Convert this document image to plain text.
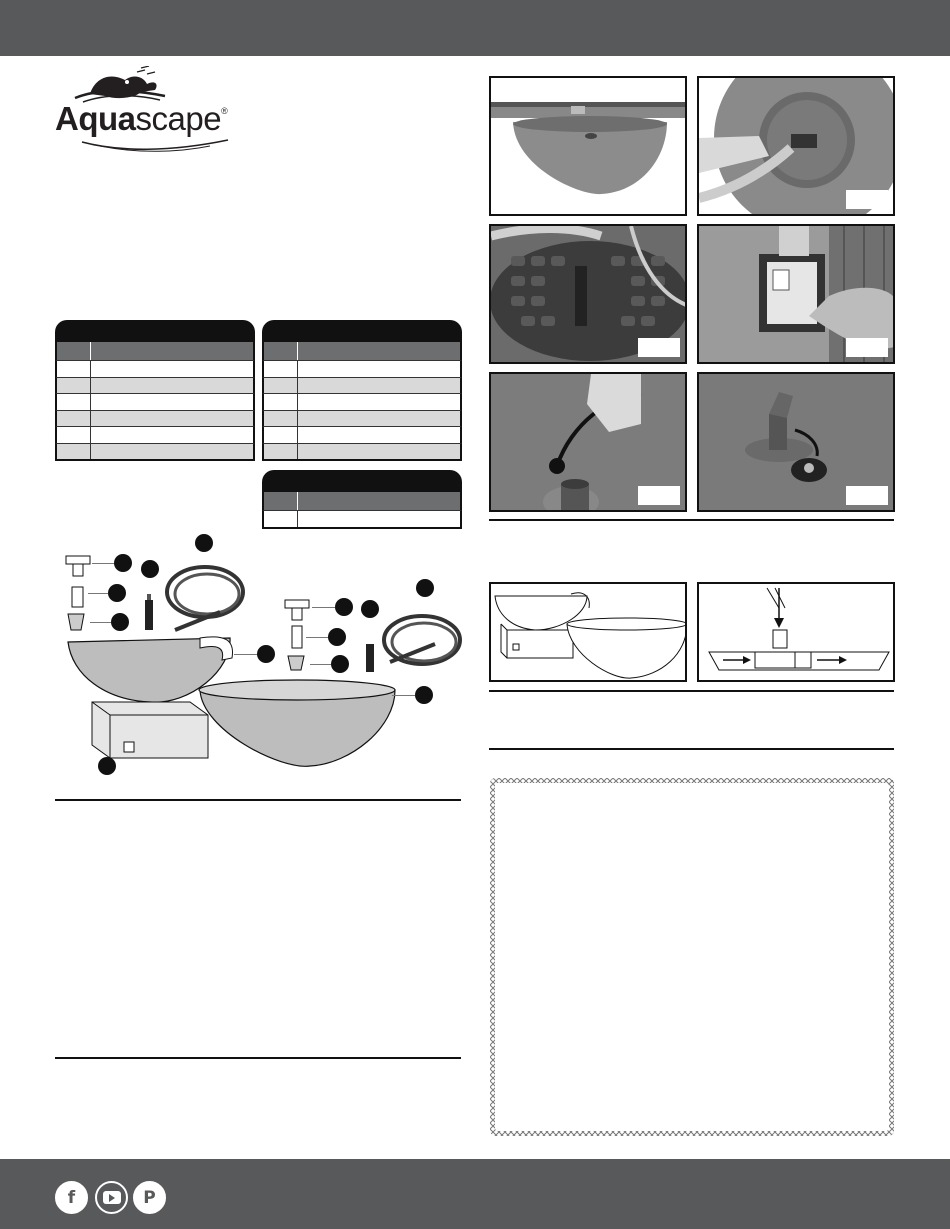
Aquascape®
f	P
